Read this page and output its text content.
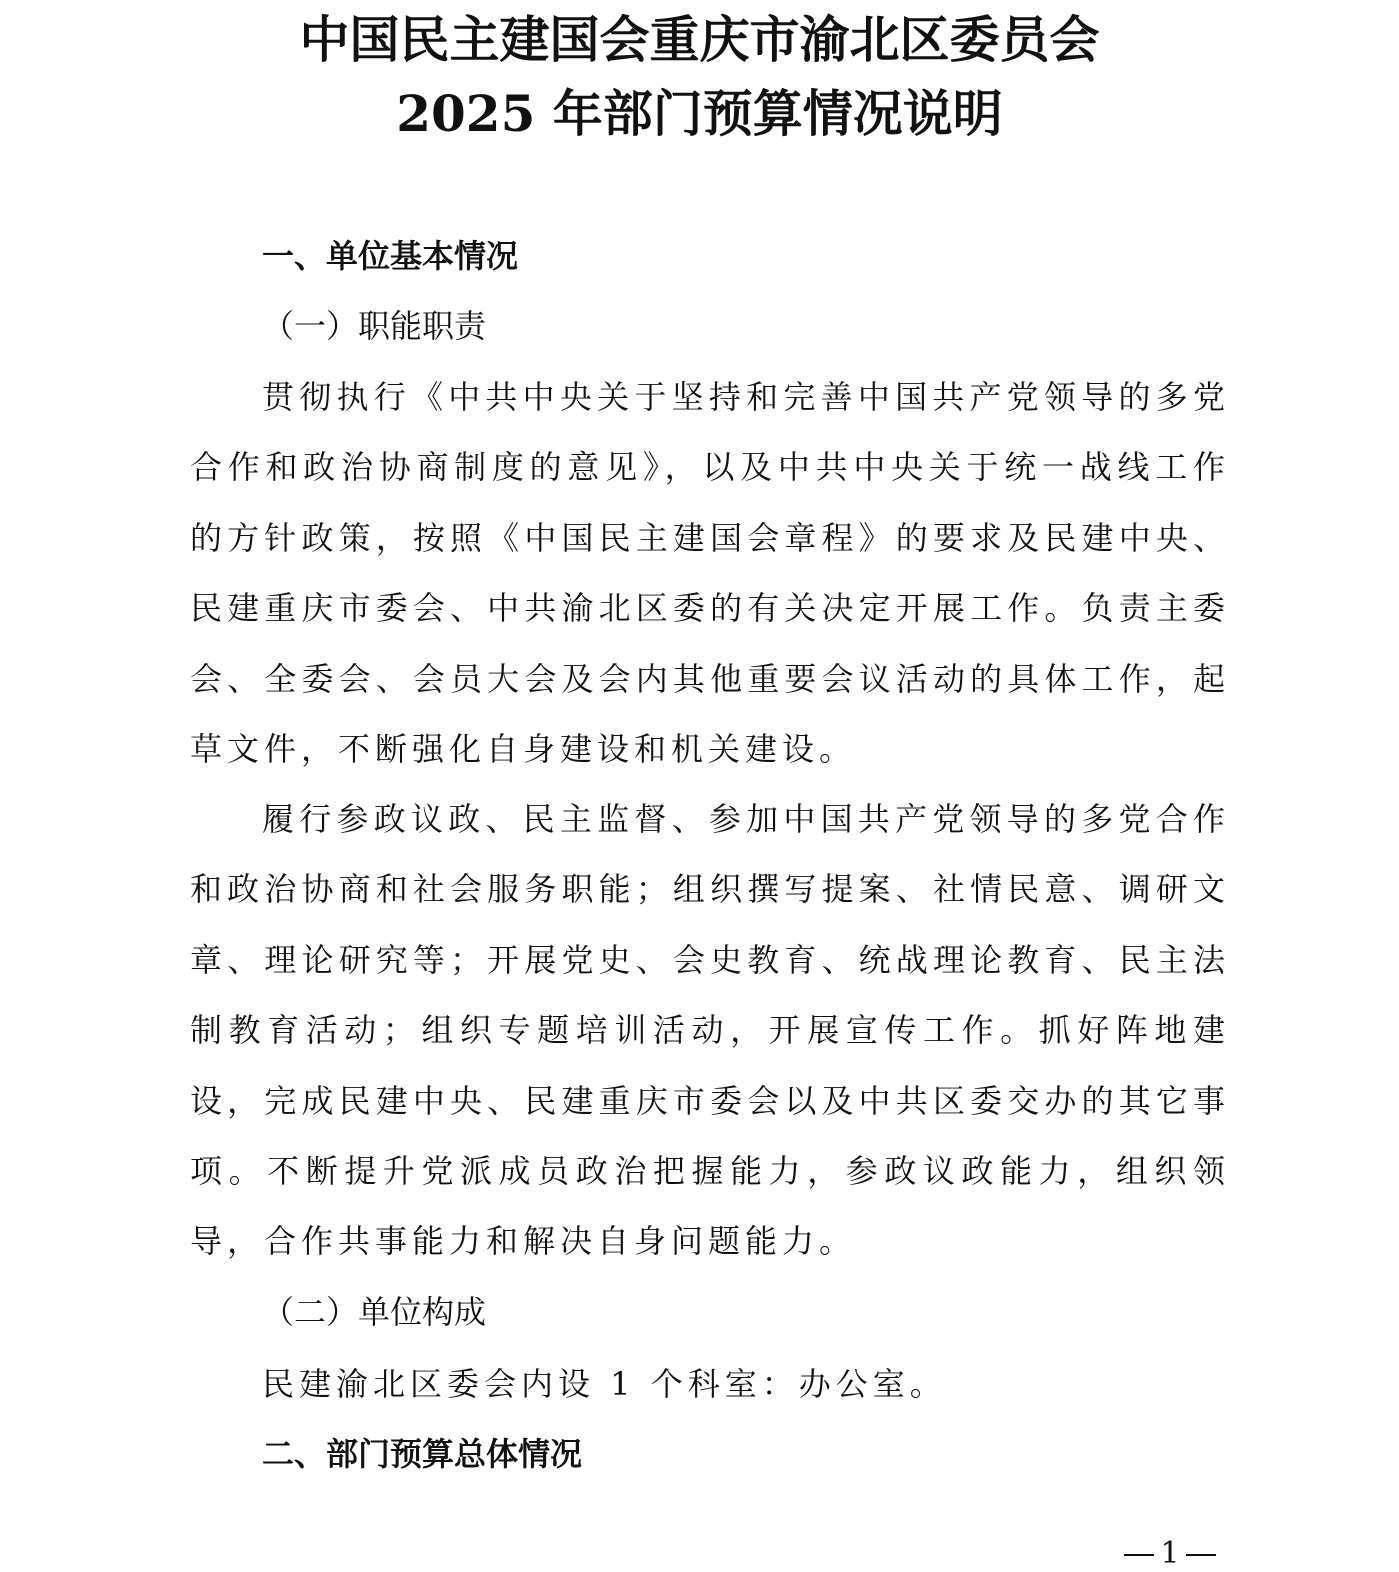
中国民主建国会重庆市渝北区委员会
2025 年部门预算情况说明
一、单位基本情况
（一）职能职责

贯彻执行《中共中央关于坚持和完善中国共产党领导的多党合作和政治协商制度的意见》，以及中共中央关于统一战线工作的方针政策，按照《中国民主建国会章程》的要求及民建中央、民建重庆市委会、中共渝北区委的有关决定开展工作。负责主委会、全委会、会员大会及会内其他重要会议活动的具体工作，起草文件，不断强化自身建设和机关建设。

履行参政议政、民主监督、参加中国共产党领导的多党合作和政治协商和社会服务职能；组织撰写提案、社情民意、调研文章、理论研究等；开展党史、会史教育、统战理论教育、民主法制教育活动；组织专题培训活动，开展宣传工作。抓好阵地建设，完成民建中央、民建重庆市委会以及中共区委交办的其它事项。不断提升党派成员政治把握能力，参政议政能力，组织领导，合作共事能力和解决自身问题能力。

（二）单位构成

民建渝北区委会内设 1 个科室：办公室。

二、部门预算总体情况
1
